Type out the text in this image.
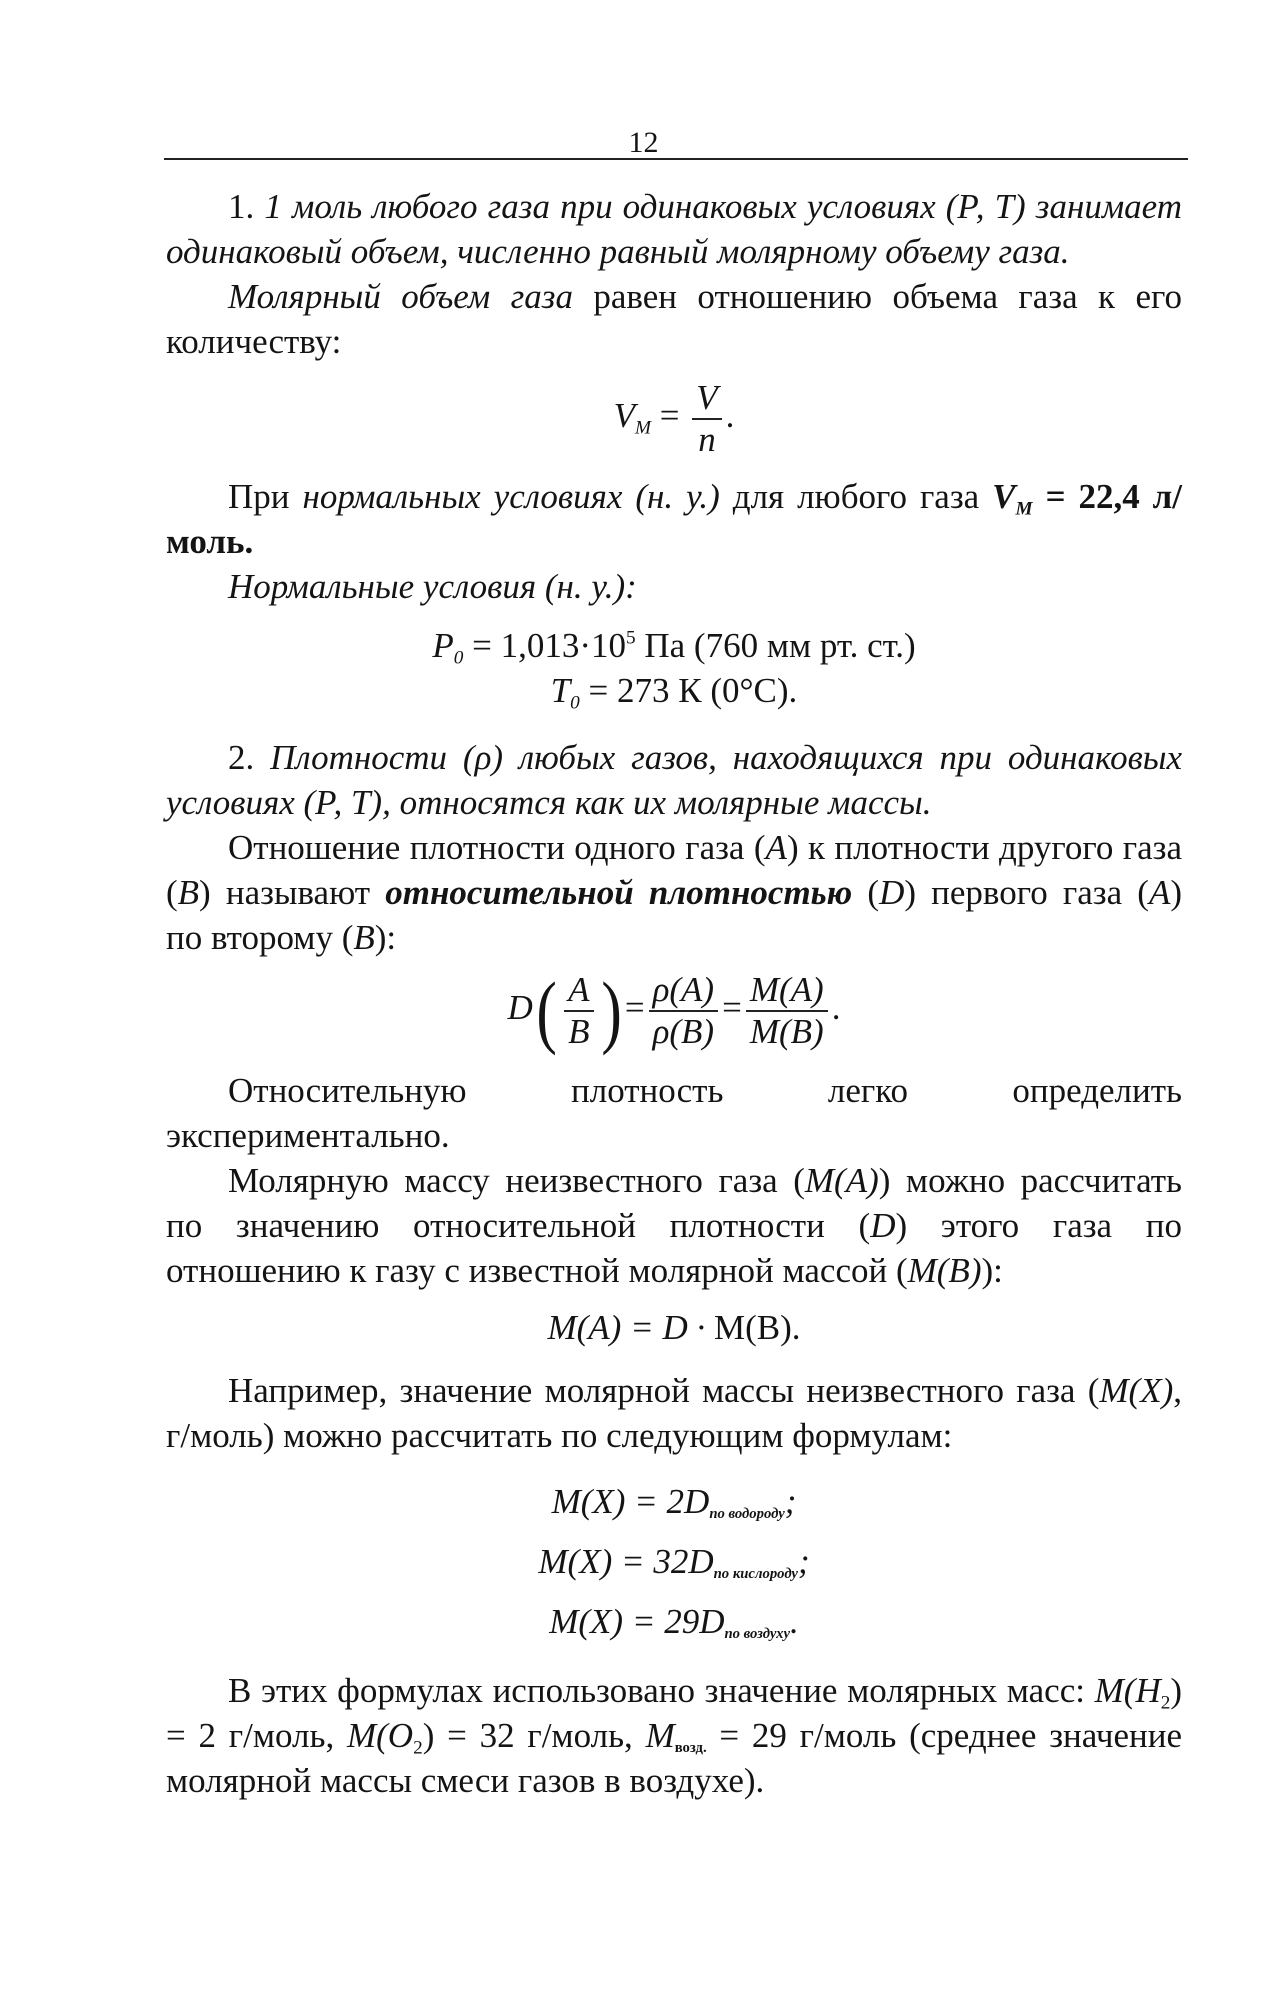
12

1. 1 моль любого газа при одинаковых условиях (Р, Т) занимает одинаковый объем, численно равный молярному объему газа.

Молярный объем газа равен отношению объема газа к его количеству:

$V_M = \frac{V}{n}$ .

При нормальных условиях (н. у.) для любого газа $V_M = 22,4$ л/моль.

Нормальные условия (н. у.):

$P_0 = 1,013\cdot 10^5$ Па (760 мм рт. ст.)

$T_0 = 273$ К (0°С).

2. Плотности (ρ) любых газов, находящихся при одинаковых условиях (Р, Т), относятся как их молярные массы.

Отношение плотности одного газа (A) к плотности другого газа (B) называют относительной плотностью (D) первого газа (A) по второму (B):

$D( \frac{A}{B}$ )= $\frac{\rho(A)}{\rho(B)} = \frac{M(A)}{M(B)}$ .

Относительную плотность легко определить экспериментально.

Молярную массу неизвестного газа (M(A)) можно рассчитать по значению относительной плотности (D) этого газа по отношению к газу с известной молярной массой (M(B)):

M(A) = D · M(B).

Например, значение молярной массы неизвестного газа (M(X), г/моль) можно рассчитать по следующим формулам:

$M(X) = 2D_{по водороду}$;

$M(X) = 32D_{по кислороду}$;

$M(X) = 29D_{по воздуху}$.

В этих формулах использовано значение молярных масс: $M(H_2) = 2$ г/моль, $M(O_2) = 32$ г/моль, $M_{возд.} = 29$ г/моль (среднее значение молярной массы смеси газов в воздухе).
